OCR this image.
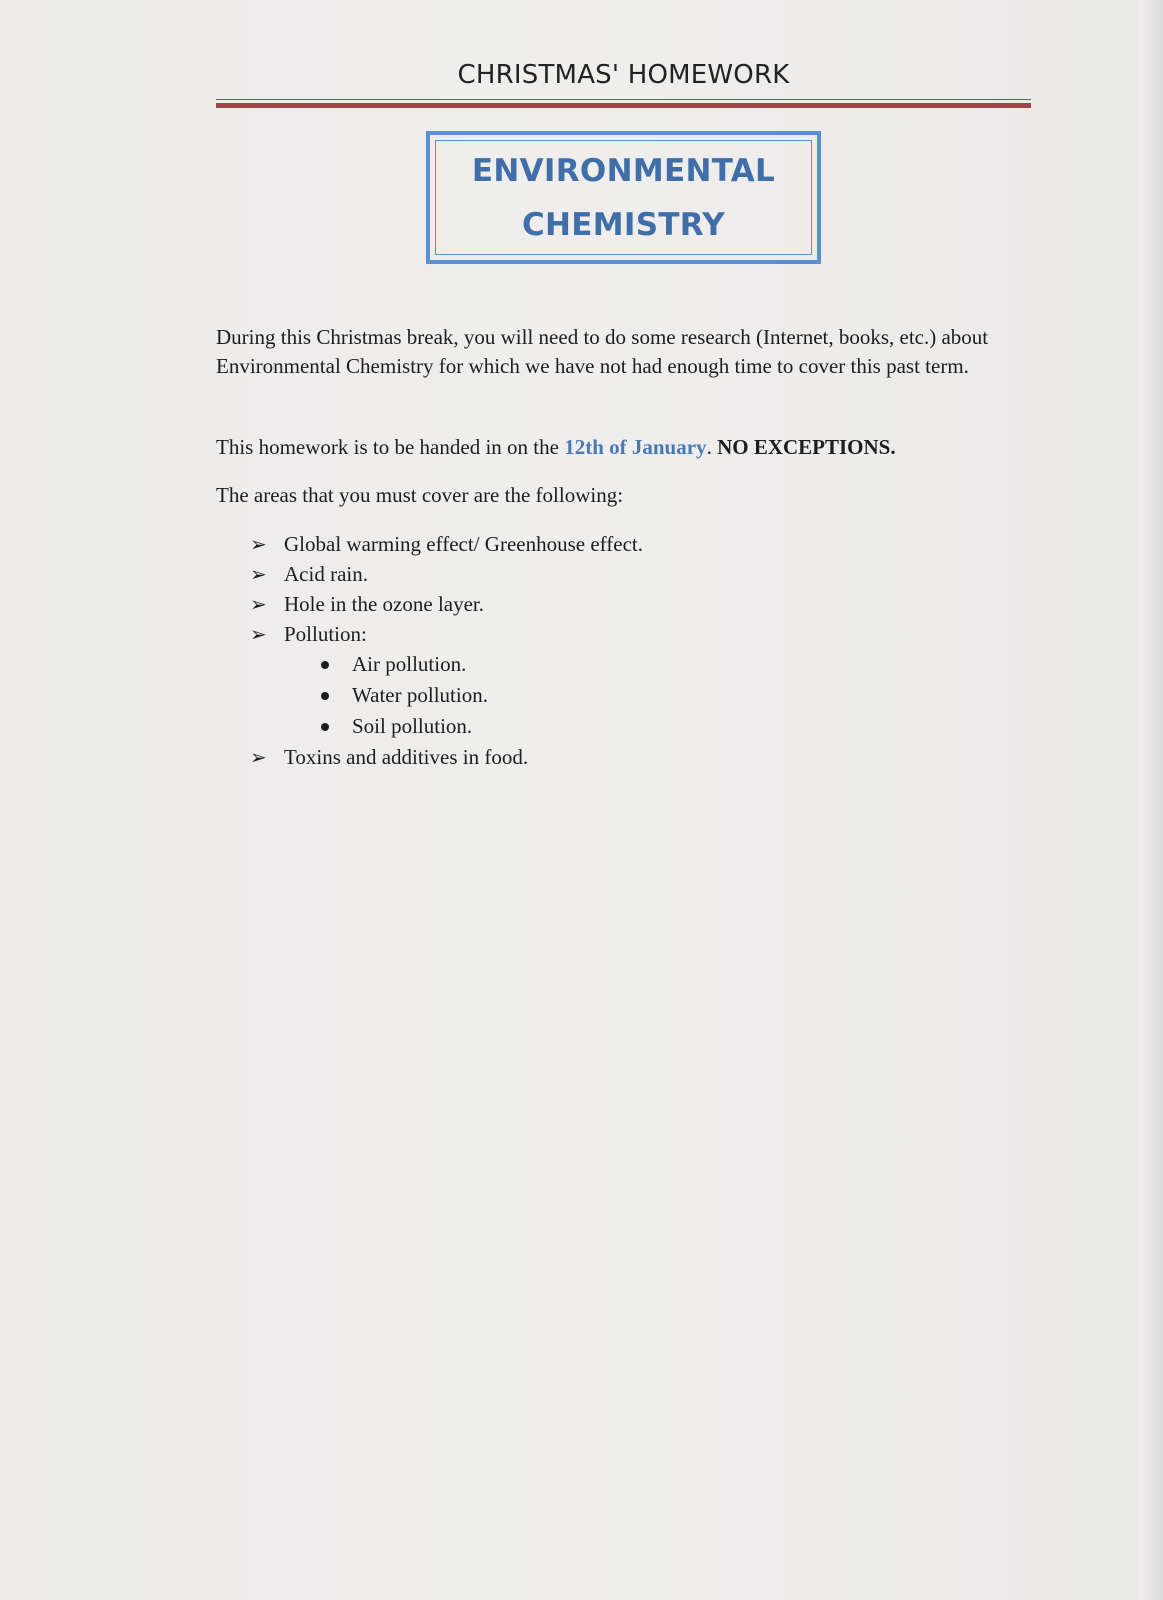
CHRISTMAS' HOMEWORK
ENVIRONMENTAL
CHEMISTRY

During this Christmas break, you will need to do some research (Internet, books, etc.) about Environmental Chemistry for which we have not had enough time to cover this past term.

This homework is to be handed in on the 12th of January. NO EXCEPTIONS.

The areas that you must cover are the following:

➢ Global warming effect/ Greenhouse effect.
➢ Acid rain.
➢ Hole in the ozone layer.
➢ Pollution:
Air pollution.
Water pollution.
Soil pollution.
➢ Toxins and additives in food.
